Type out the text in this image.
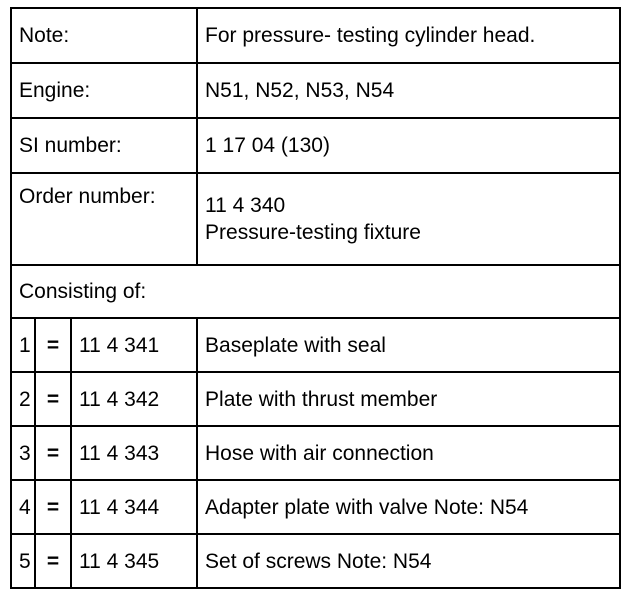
Note:			For pressure- testing cylinder head.
Engine:			N51, N52, N53, N54
SI number:			1 17 04 (130)
Order number:			11 4 340
Pressure-testing fixture

Consisting of:			
1	=	11 4 341	Baseplate with seal
2	=	11 4 342	Plate with thrust member
3	=	11 4 343	Hose with air connection
4	=	11 4 344	Adapter plate with valve Note: N54
5	=	11 4 345	Set of screws Note: N54
